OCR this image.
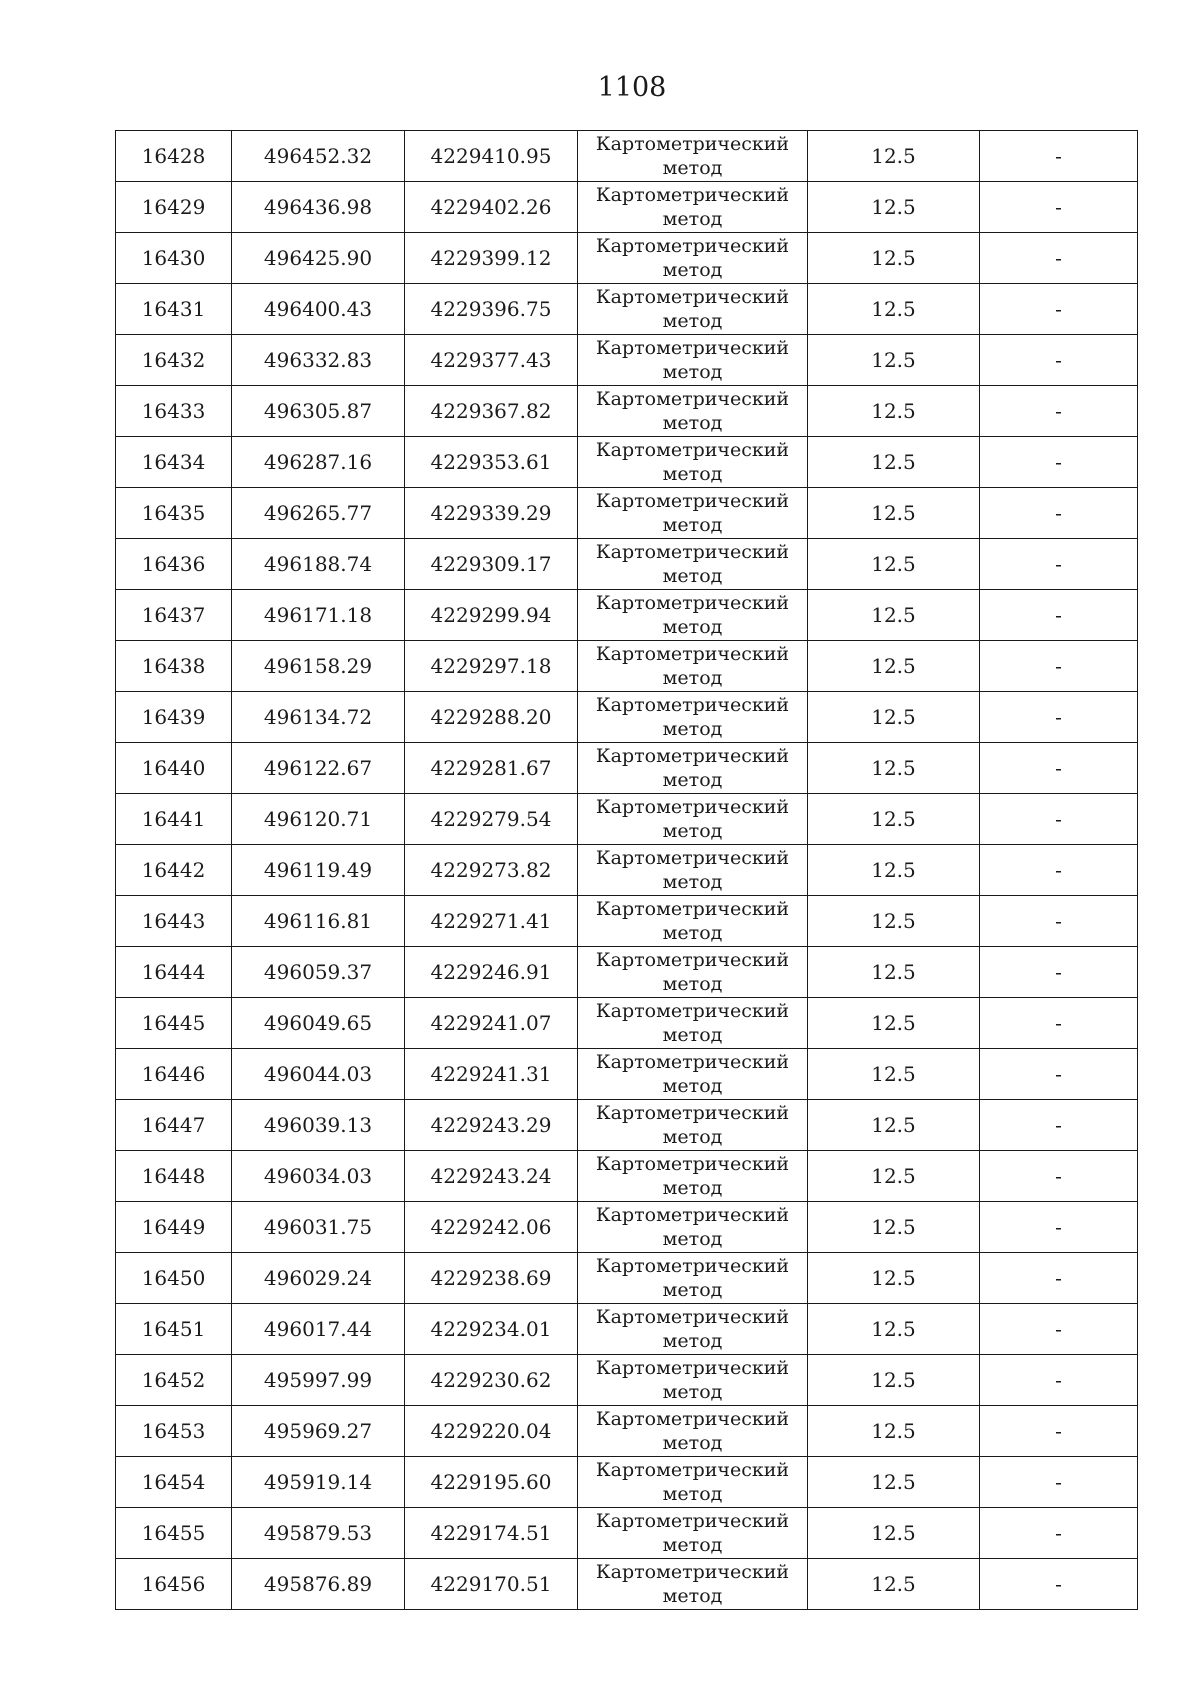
1108
16428	496452.32	4229410.95	Картометрический метод	12.5	-
16429	496436.98	4229402.26	Картометрический метод	12.5	-
16430	496425.90	4229399.12	Картометрический метод	12.5	-
16431	496400.43	4229396.75	Картометрический метод	12.5	-
16432	496332.83	4229377.43	Картометрический метод	12.5	-
16433	496305.87	4229367.82	Картометрический метод	12.5	-
16434	496287.16	4229353.61	Картометрический метод	12.5	-
16435	496265.77	4229339.29	Картометрический метод	12.5	-
16436	496188.74	4229309.17	Картометрический метод	12.5	-
16437	496171.18	4229299.94	Картометрический метод	12.5	-
16438	496158.29	4229297.18	Картометрический метод	12.5	-
16439	496134.72	4229288.20	Картометрический метод	12.5	-
16440	496122.67	4229281.67	Картометрический метод	12.5	-
16441	496120.71	4229279.54	Картометрический метод	12.5	-
16442	496119.49	4229273.82	Картометрический метод	12.5	-
16443	496116.81	4229271.41	Картометрический метод	12.5	-
16444	496059.37	4229246.91	Картометрический метод	12.5	-
16445	496049.65	4229241.07	Картометрический метод	12.5	-
16446	496044.03	4229241.31	Картометрический метод	12.5	-
16447	496039.13	4229243.29	Картометрический метод	12.5	-
16448	496034.03	4229243.24	Картометрический метод	12.5	-
16449	496031.75	4229242.06	Картометрический метод	12.5	-
16450	496029.24	4229238.69	Картометрический метод	12.5	-
16451	496017.44	4229234.01	Картометрический метод	12.5	-
16452	495997.99	4229230.62	Картометрический метод	12.5	-
16453	495969.27	4229220.04	Картометрический метод	12.5	-
16454	495919.14	4229195.60	Картометрический метод	12.5	-
16455	495879.53	4229174.51	Картометрический метод	12.5	-
16456	495876.89	4229170.51	Картометрический метод	12.5	-
